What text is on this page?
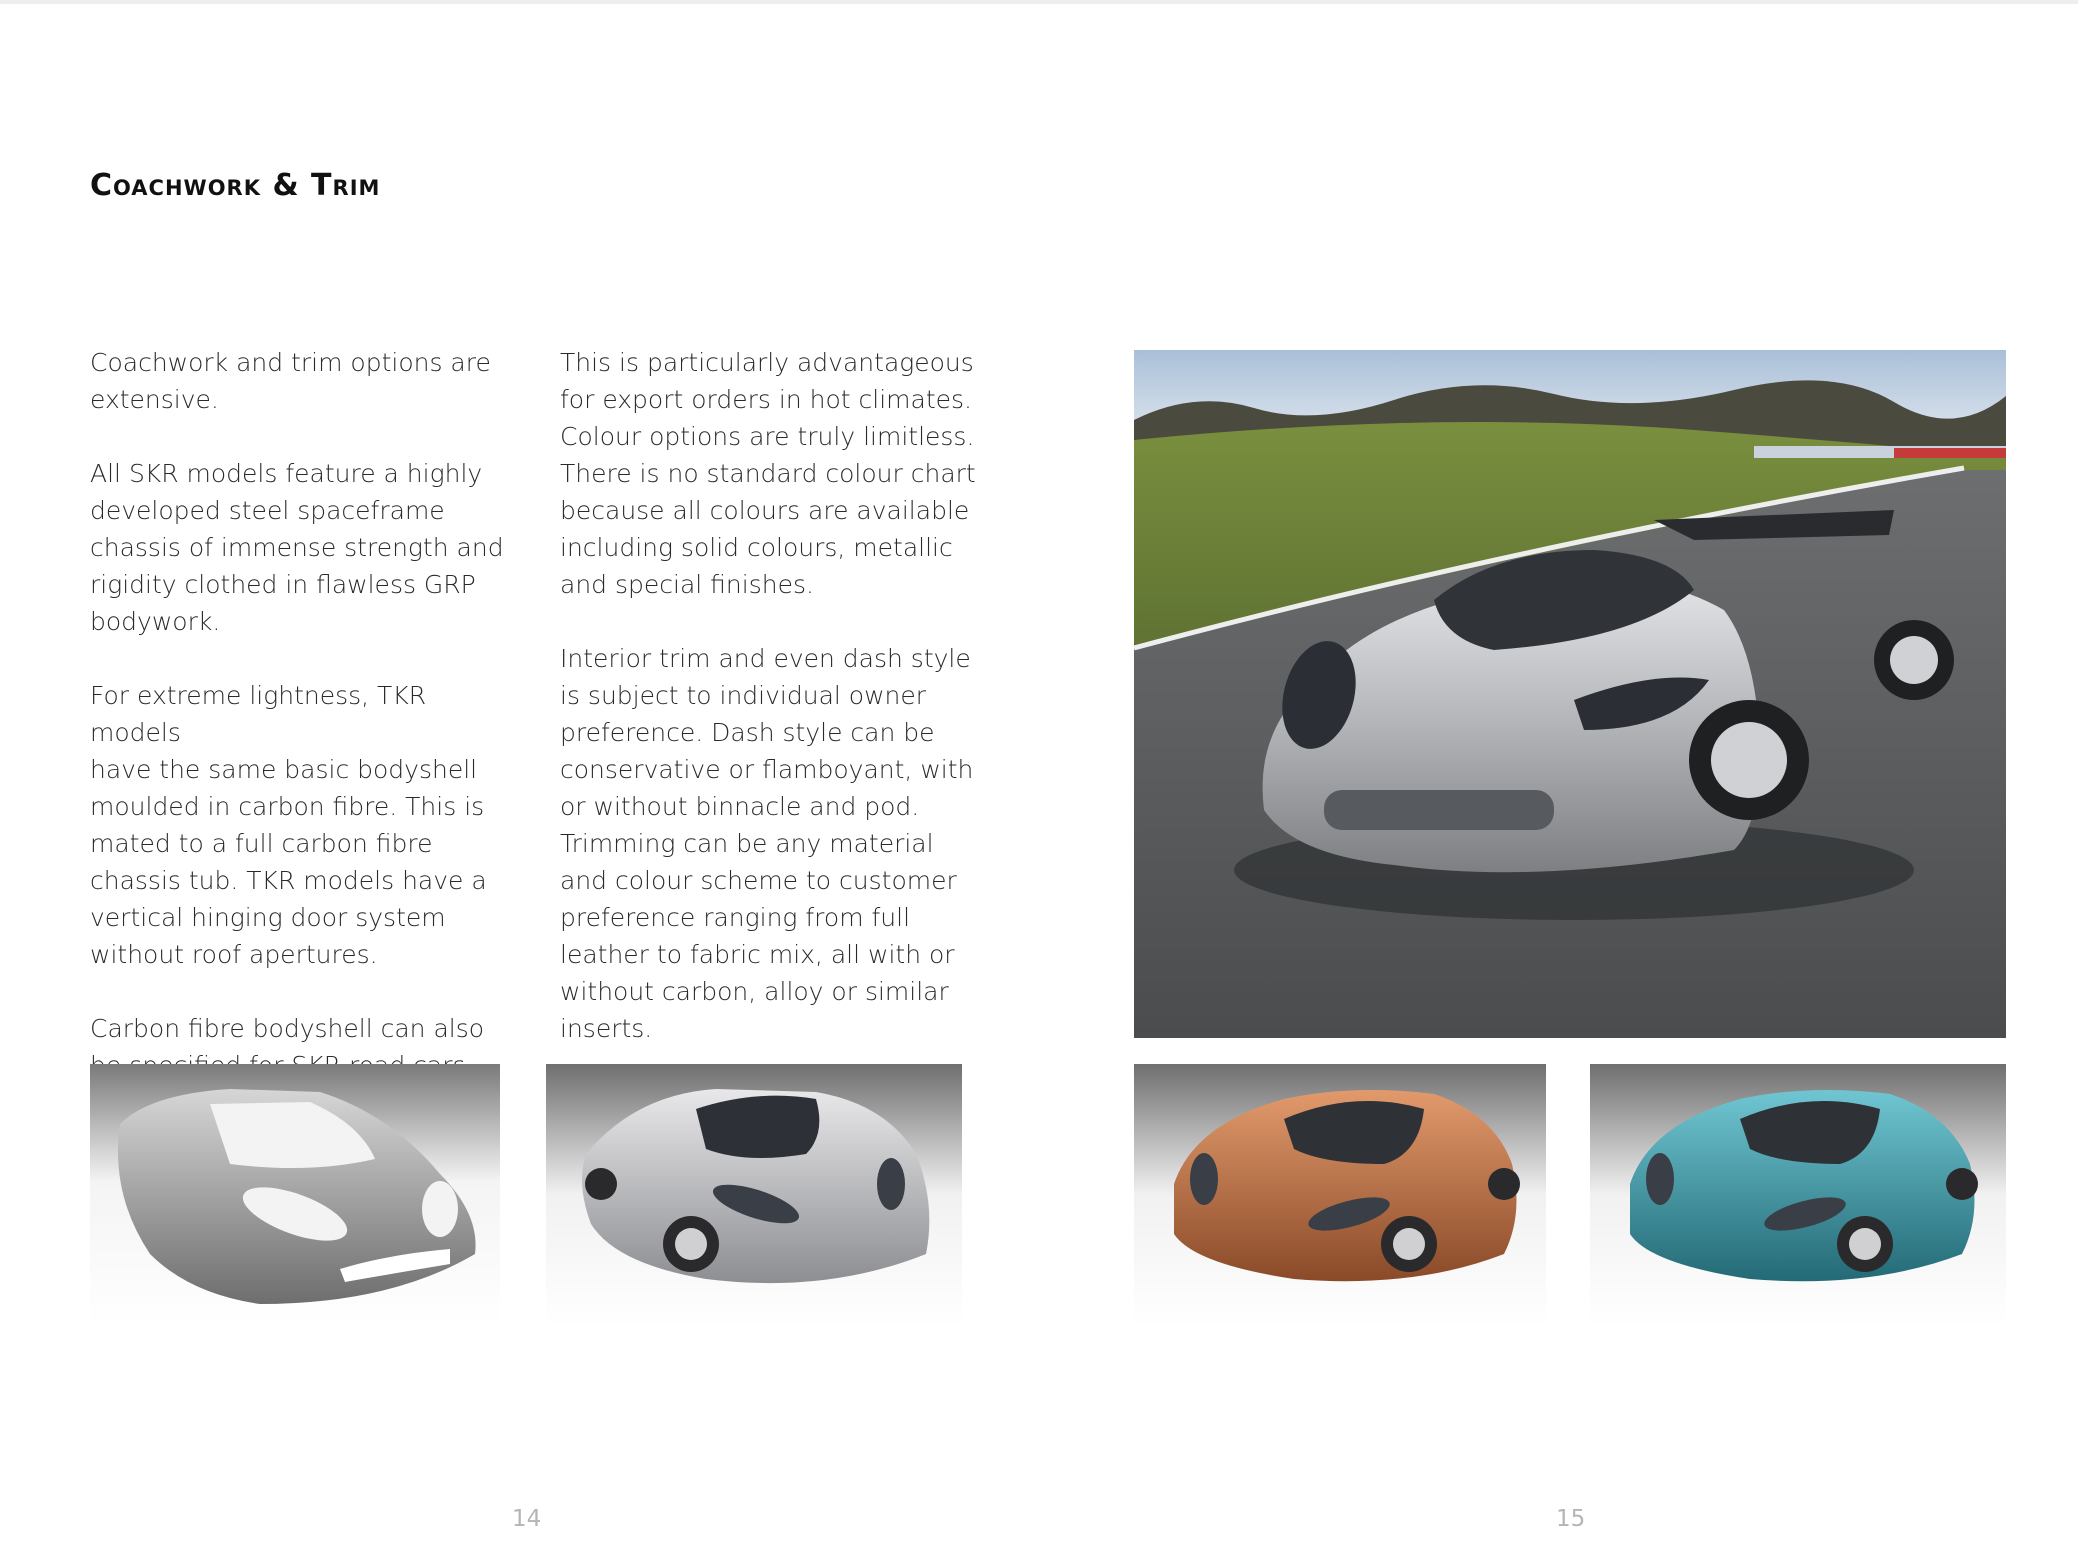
Coachwork & Trim

Coachwork and trim options are
extensive.

All SKR models feature a highly
developed steel spaceframe
chassis of immense strength and
rigidity clothed in flawless GRP
bodywork.

For extreme lightness, TKR models
have the same basic bodyshell
moulded in carbon fibre. This is
mated to a full carbon fibre
chassis tub. TKR models have a
vertical hinging door system
without roof apertures.

Carbon fibre bodyshell can also

This is particularly advantageous
for export orders in hot climates.
Colour options are truly limitless.
There is no standard colour chart
because all colours are available
including solid colours, metallic
and special finishes.

Interior trim and even dash style
is subject to individual owner
preference. Dash style can be
conservative or flamboyant, with
or without binnacle and pod.
Trimming can be any material
and colour scheme to customer
preference ranging from full
leather to fabric mix, all with or
without carbon, alloy or similar
inserts.

14	15
